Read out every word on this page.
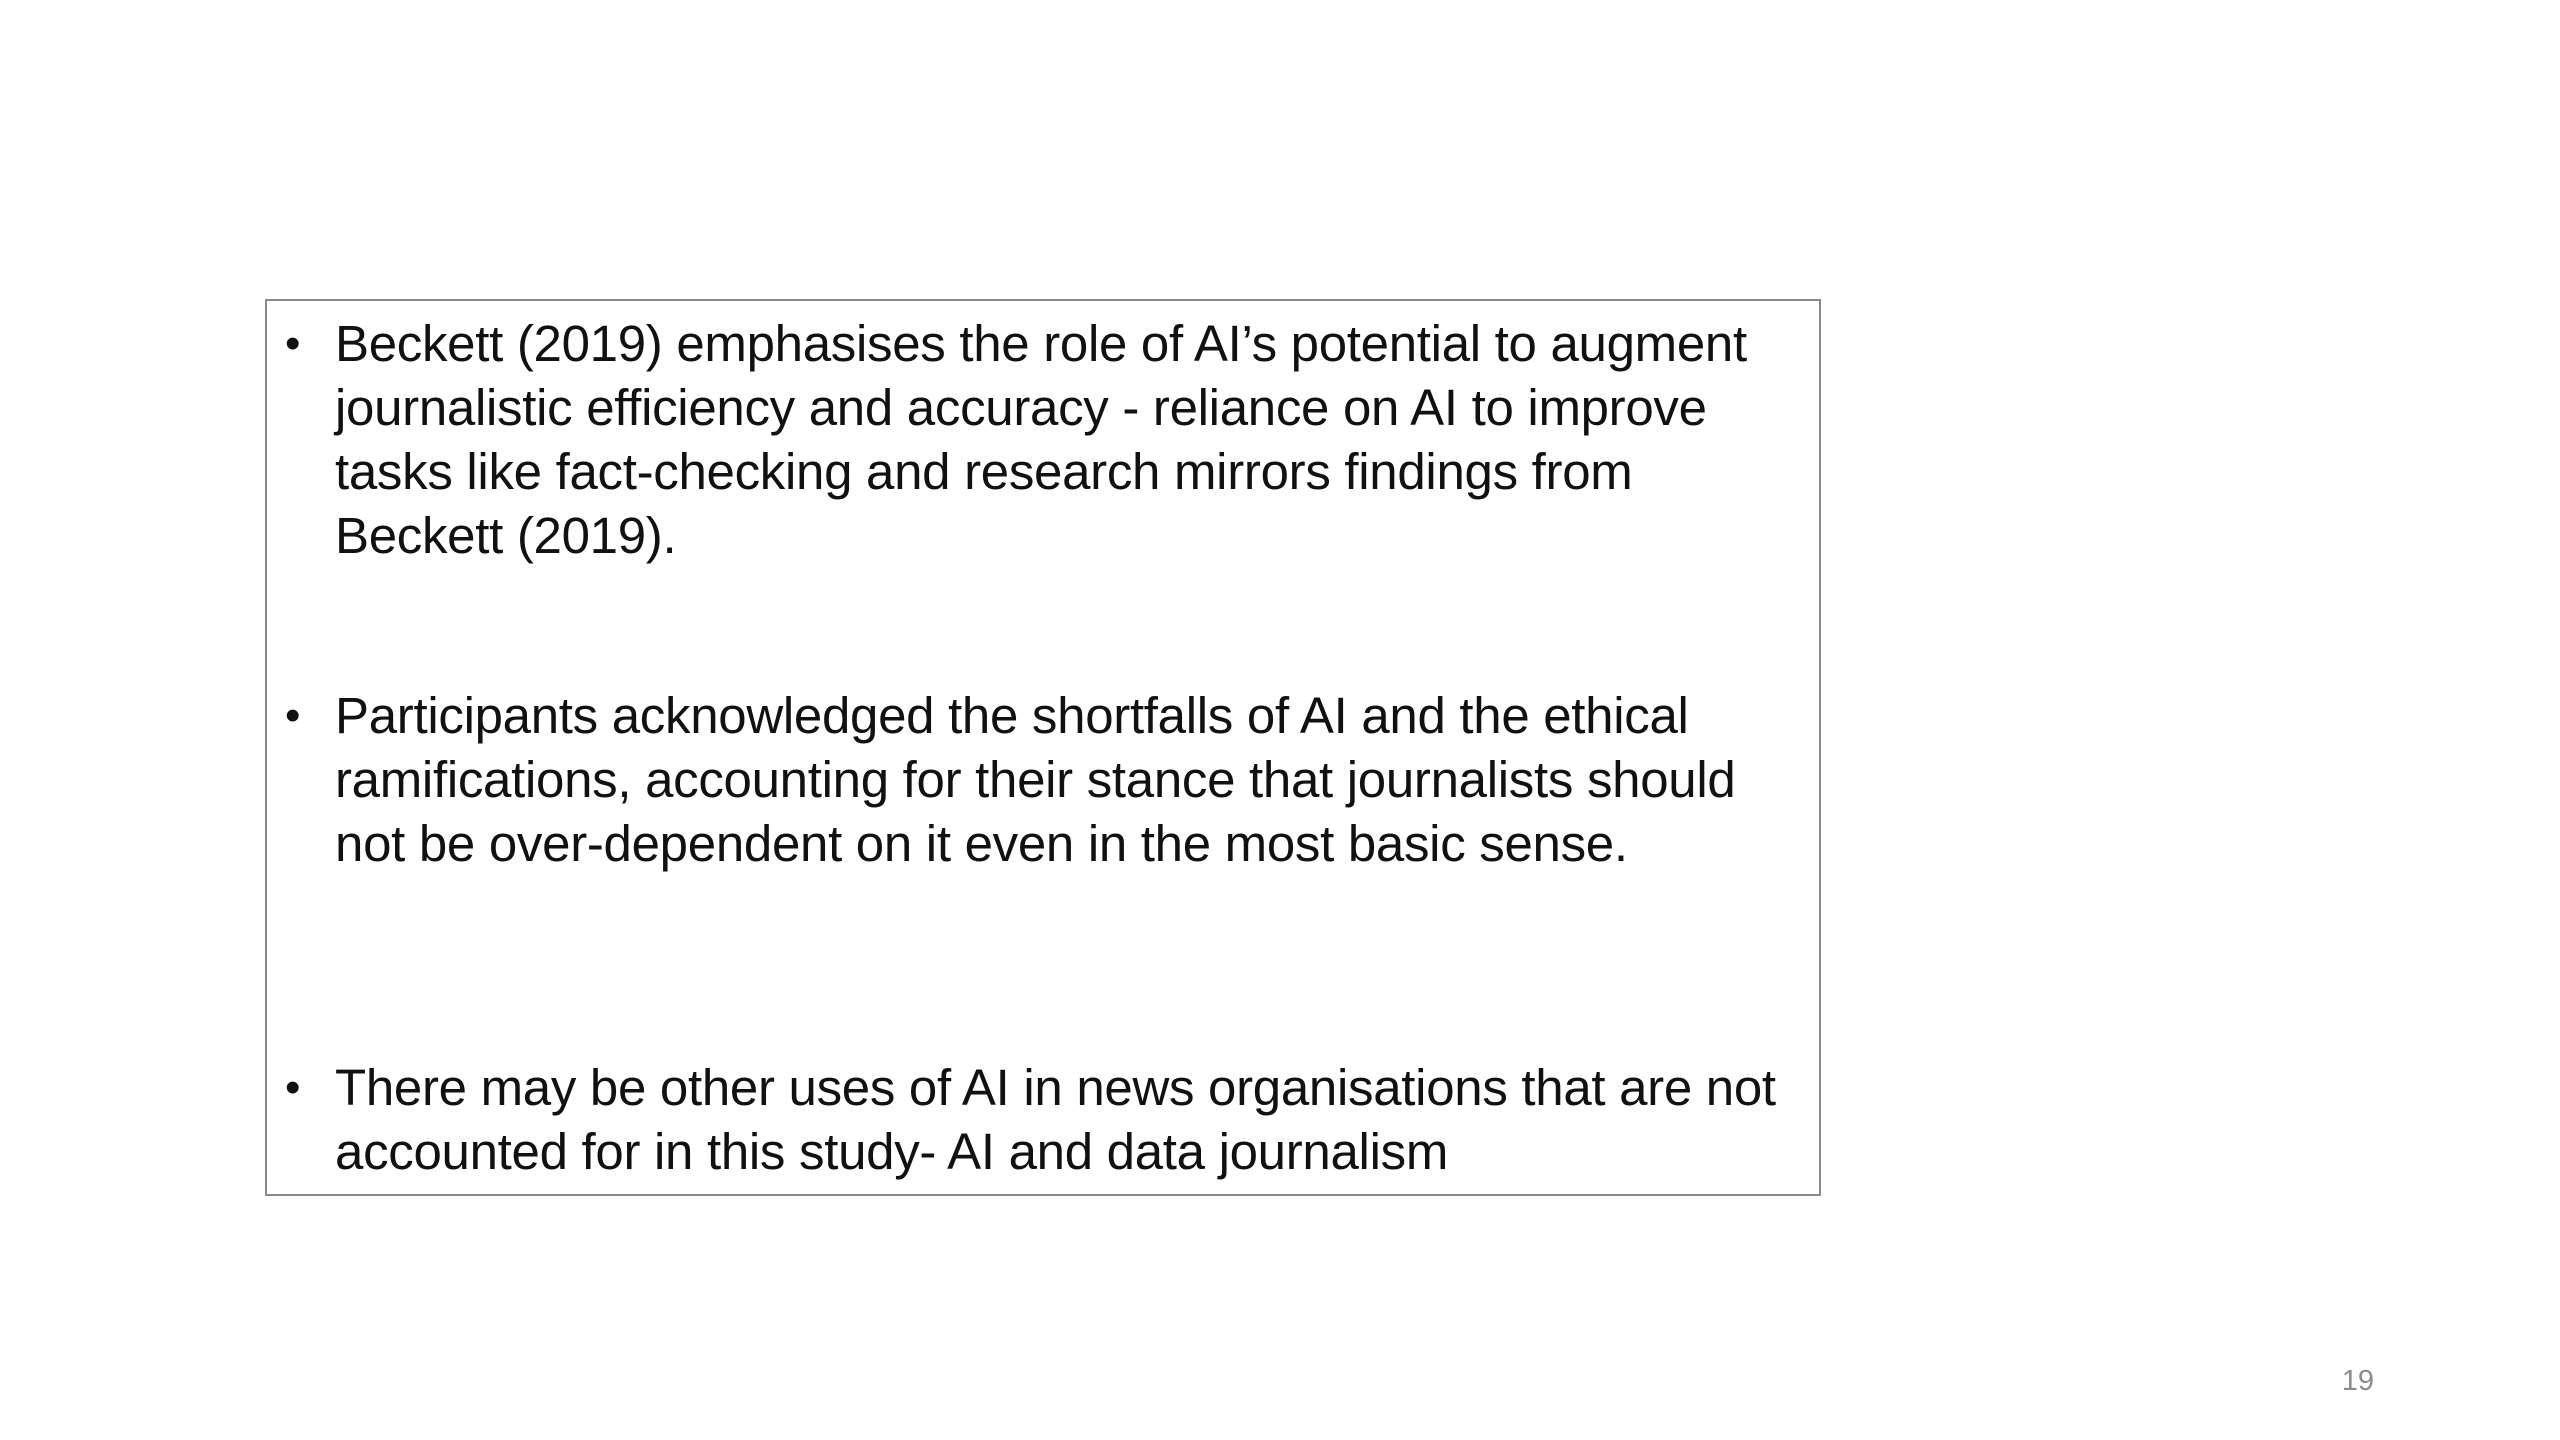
• Beckett (2019) emphasises the role of AI’s potential to augment journalistic efficiency and accuracy - reliance on AI to improve tasks like fact-checking and research mirrors findings from Beckett (2019).
• Participants acknowledged the shortfalls of AI and the ethical ramifications, accounting for their stance that journalists should not be over-dependent on it even in the most basic sense.
• There may be other uses of AI in news organisations that are not accounted for in this study- AI and data journalism
19
